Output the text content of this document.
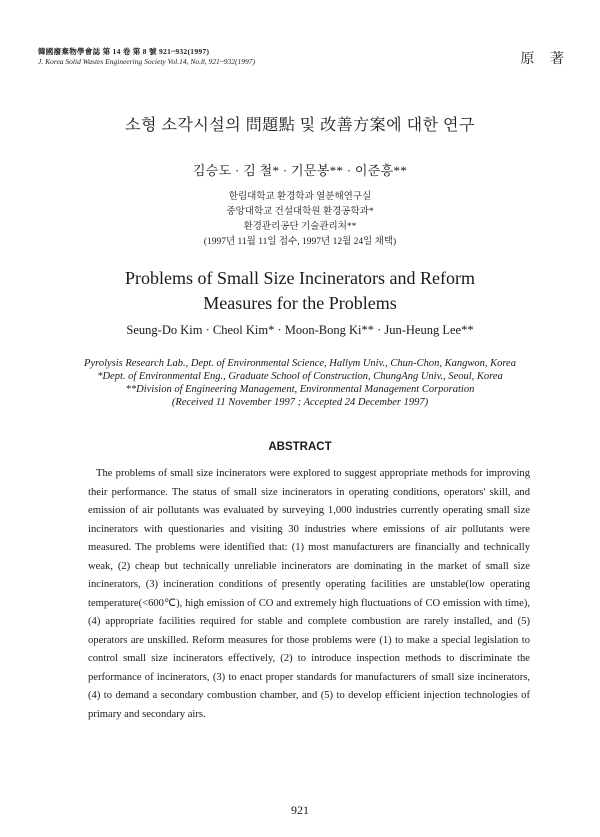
韓國廢棄物學會誌 第 14 卷 第 8 號 921~932(1997)
J. Korea Solid Wastes Engineering Society Vol.14, No.8, 921~932(1997)	原 著
소형 소각시설의 問題點 및 改善方案에 대한 연구
김승도 · 김 철* · 기문봉** · 이준흥**
한림대학교 환경학과 열분해연구실
중앙대학교 건설대학원 환경공학과*
환경관리공단 기술관리처**
(1997년 11월 11일 접수, 1997년 12월 24일 채택)
Problems of Small Size Incinerators and Reform
Measures for the Problems
Seung-Do Kim · Cheol Kim* · Moon-Bong Ki** · Jun-Heung Lee**
Pyrolysis Research Lab., Dept. of Environmental Science, Hallym Univ., Chun-Chon, Kangwon, Korea
*Dept. of Environmental Eng., Graduate School of Construction, ChungAng Univ., Seoul, Korea
**Division of Engineering Management, Environmental Management Corporation
(Received 11 November 1997 ; Accepted 24 December 1997)
ABSTRACT
The problems of small size incinerators were explored to suggest appropriate methods for improving their performance. The status of small size incinerators in operating conditions, operators' skill, and emission of air pollutants was evaluated by surveying 1,000 industries currently operating small size incinerators with questionaries and visiting 30 industries where emissions of air pollutants were measured. The problems were identified that: (1) most manufacturers are financially and technically weak, (2) cheap but technically unreliable incinerators are dominating in the market of small size incinerators, (3) incineration conditions of presently operating facilities are unstable(low operating temperature(<600℃), high emission of CO and extremely high fluctuations of CO emission with time), (4) appropriate facilities required for stable and complete combustion are rarely installed, and (5) operators are unskilled. Reform measures for those problems were (1) to make a special legislation to control small size incinerators effectively, (2) to introduce inspection methods to discriminate the performance of incinerators, (3) to enact proper standards for manufacturers of small size incinerators, (4) to demand a secondary combustion chamber, and (5) to develop efficient injection technologies of primary and secondary airs.
921
